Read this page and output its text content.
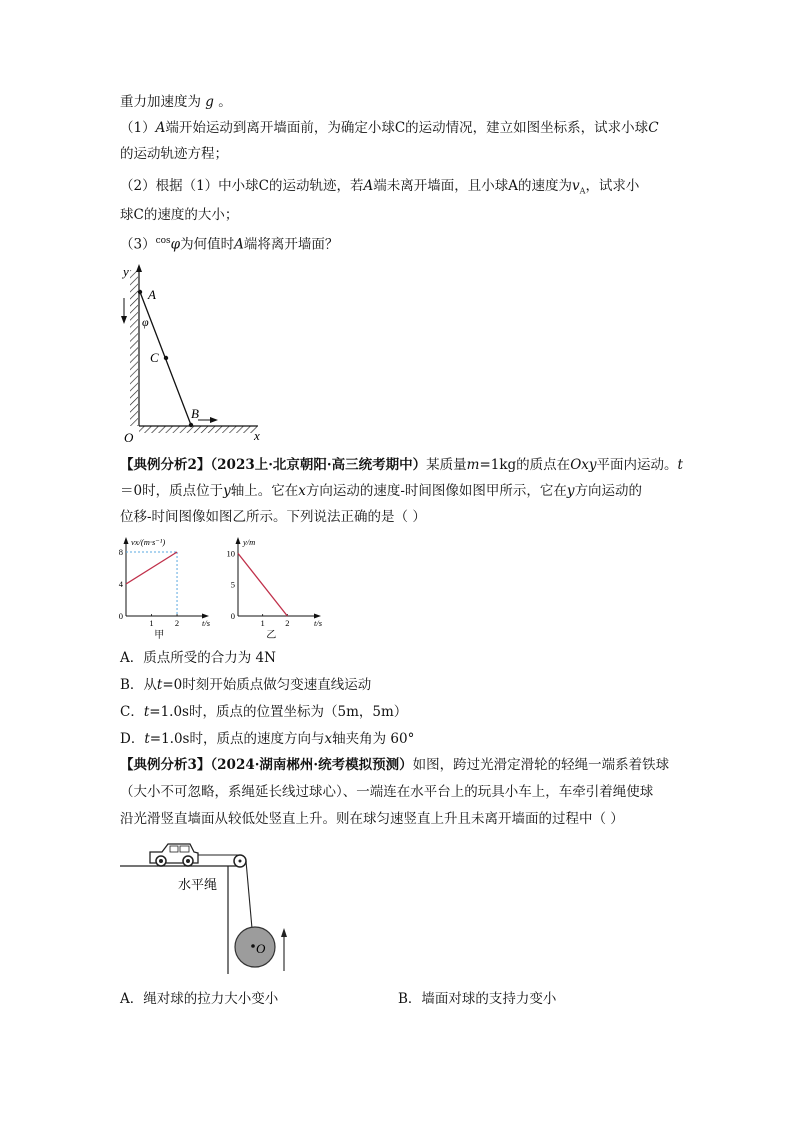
重力加速度为 g 。
（1）A端开始运动到离开墙面前，为确定小球C的运动情况，建立如图坐标系，试求小球C
的运动轨迹方程；
（2）根据（1）中小球C的运动轨迹，若A端未离开墙面，且小球A的速度为$v_A$，试求小
球C的速度的大小；
$(3)^{cos}\varphi$为何值时A端将离开墙面？
y
x
O
A
φ
C
B
【典例分析2】（2023上·北京朝阳·高三统考期中）某质量m=1kg的质点在Oxy平面内运动。t
＝0时，质点位于y轴上。它在x方向运动的速度-时间图像如图甲所示，它在y方向运动的
位移-时间图像如图乙所示。下列说法正确的是（ ）
vx/(m·s⁻¹)
t/s
0
4
8
1	2
甲
y/m
t/s
0
5
10
1 2
乙
A．质点所受的合力为 4N
B．从t=0时刻开始质点做匀变速直线运动
C．t=1.0s时，质点的位置坐标为（5m，5m）
D．t=1.0s时，质点的速度方向与x轴夹角为 60°
【典例分析3】（2024·湖南郴州·统考模拟预测）如图，跨过光滑定滑轮的轻绳一端系着铁球
（大小不可忽略，系绳延长线过球心）、一端连在水平台上的玩具小车上，车牵引着绳使球
沿光滑竖直墙面从较低处竖直上升。则在球匀速竖直上升且未离开墙面的过程中（ ）
水平绳
O
A．绳对球的拉力大小变小	B．墙面对球的支持力变小
